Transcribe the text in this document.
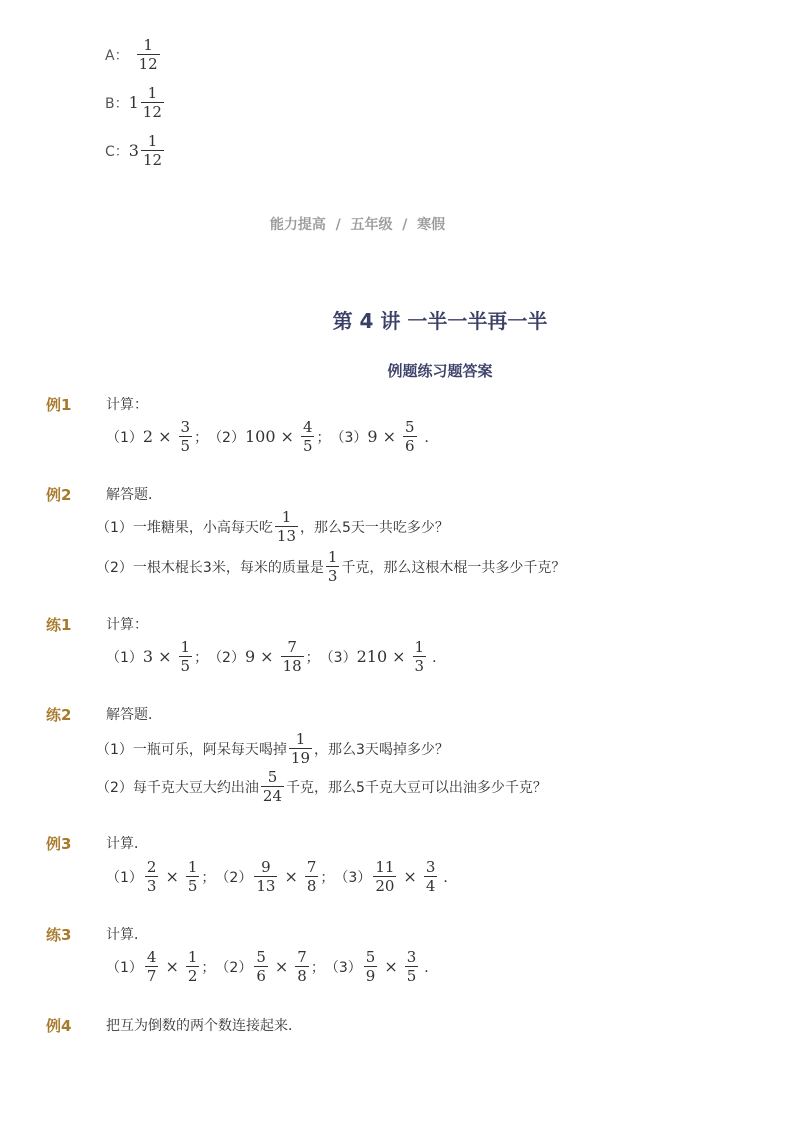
A： $\frac{1}{12}$
B： $1 \frac{1}{12}$
C： $3 \frac{1}{12}$
能力提高 / 五年级 / 寒假
第 4 讲 一半一半再一半
例题练习题答案
例1 计算：
（1） $2 \times \frac{3}{5}$ ； （2） $100 \times \frac{4}{5}$ ； （3） $9 \times \frac{5}{6}$ ．
例2 解答题．
（1）一堆糖果，小高每天吃 $\frac{1}{13}$ ，那么5天一共吃多少？
（2）一根木棍长3米，每米的质量是 $\frac{1}{3}$ 千克，那么这根木棍一共多少千克？
练1 计算：
（1） $3 \times \frac{1}{5}$ ； （2） $9 \times \frac{7}{18}$ ； （3） $210 \times \frac{1}{3}$ ．
练2 解答题．
（1）一瓶可乐，阿呆每天喝掉 $\frac{1}{19}$ ，那么3天喝掉多少？
（2）每千克大豆大约出油 $\frac{5}{24}$ 千克，那么5千克大豆可以出油多少千克？
例3 计算．
$(1) \frac{2}{3} \times \frac{1}{5}$ ； $(2) \frac{9}{13} \times \frac{7}{8}$ ； $(3) \frac{11}{20} \times \frac{3}{4}$ ．
练3 计算．
$(1) \frac{4}{7} \times \frac{1}{2}$ ； $(2) \frac{5}{6} \times \frac{7}{8}$ ； $(3) \frac{5}{9} \times \frac{3}{5}$ ．
例4 把互为倒数的两个数连接起来．
